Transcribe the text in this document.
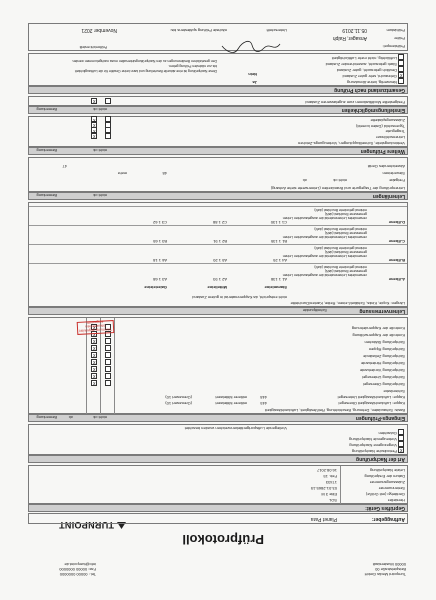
Turnpoint Media GmbH
Beispielstraße 00
00000 Musterstadt
TURNPOINT
Tel.: 00000 0000000
Fax: 00000 0000000
info@turnpoint.de
Prüfprotokoll
Auftraggeber:
Planet Para
Geprüftes Gerät:
Hersteller
SOL
Gerätetyp (mit Größe)
Elite 3 M
Seriennummer
03-01-2865-15
Zulassungsnummer
17433
Datum der Erstprüfung
Feb. 15
Letzte Nachprüfung
16.08.2017
Art der Nachprüfung
x
Periodische Nachprüfung
Vorgezogene Nachprüfung
Vorbeugende Nachprüfung
Gutachten
Vorliegende Luftsportgerätekennzeichen wurden beachtet
Eingangs-Prüfungen
nicht ok
ok
Bemerkung
Basis: Schaudaten, Dehnung, Beschichtung, Reißfestigkeit, Luftdurchlässigkeit
Kappe: Luftdurchlässigkeit Obersegel
445
mitlerer Mittelwert
(Grenzwert 10)
Kappe: Luftdurchlässigkeit Untersegel
448
mitlerer Mittelwert
(Grenzwert 10)
Schirmfarbe
Sichtprüfung Obersegel
x
Sichtprüfung Untersegel
x
Sichtprüfung Vorderkante
x
Sichtprüfung Hinterkante
x
Sichtprüfung Zellwände
x
Sichtprüfung Rippen
x
Sichtprüfung Stäbchen
x
Kontrolle der Kappenwölbung
x
Kontrolle der Kappendehnung
x
Leinenvermessung
Schnittpunkte
Längen: Kopie, Kinks, Schäkel/Leinen, Reibe, Kanten/Durchtritte
nicht entspricht, da Kappenmaterial in gutem Zustand
Stammleine
Mittelleine
Galerieleine
A-Ebene
A1 1 138
A2 1 93
A3 1 68
verwendetes Leinenmaterial der ausgetauschten Leinen
gemessene Bruchlast (daN)
minimal geforderte Bruchlast (daN)
B-Ebene
A4 1 25
A5 1 20
A6 1 18
verwendetes Leinenmaterial der ausgetauschten Leinen
gemessene Bruchlast (daN)
minimal geforderte Bruchlast (daN)
C-Ebene
B1 1 135
B2 1 91
B3 1 65
verwendetes Leinenmaterial der ausgetauschten Leinen
gemessene Bruchlast (daN)
minimal geforderte Bruchlast (daN)
D-Ebene
C1 1 130
C2 1 88
C3 1 62
verwendetes Leinenmaterial der ausgetauschten Leinen
gemessene Bruchlast (daN)
minimal geforderte Bruchlast (daN)
Leinenlängen
nicht ok
Bemerkung
Leinenprüfung der Tragegurte und Brandzeiten (Leinenwerte siehe Anhang)
Freigabe
nicht ok
ok
Steuerleinen
48
mehr
Abweichendes Gerät
47
Trimmung abgeleitet
Steuerleinen eingestellt
Weitere Prüfungen
nicht ok
Bemerkung
Verbindungsteile, Schnellkupplungen, Vorbeugungs-Zeichen
Leinenschlösser
x
Tragegurte
x
Typenschild (Daten korrekt)
x
Zulassungsplakette
x
Einstellungsmöglichkeiten
nicht ok
Bemerkung
Festgestellte Modifikationen zum zugelassenen Zustand
x
Gesamtzustand nach Prüfung
Neuwertig, keine Abnutzung
x
Gebraucht, sehr guter Zustand
Deutlich gebraucht, guter Zustand
Stark gebraucht, ausreichender Zustand
Lufttüchtig, nicht mehr Lufttüchtigkeit
Ja
Nein
Diese Nachprüfung ist eine aktuelle Beurteilung und kann keine Gewähr für die Lufttauglichkeit
bis zur nächsten Prüfung geben.
Den gesetzlichen Bestimmungen zu den Nachprüfungsintervallen muss nachgekommen werden.
Prüfstempel:
Prüfer
Ansager, Ralph
Prüfdatum
05.11.2019
Unterschrift
nächste Prüfung spätestens bis:
November 2021
Prüfbericht erstellt
